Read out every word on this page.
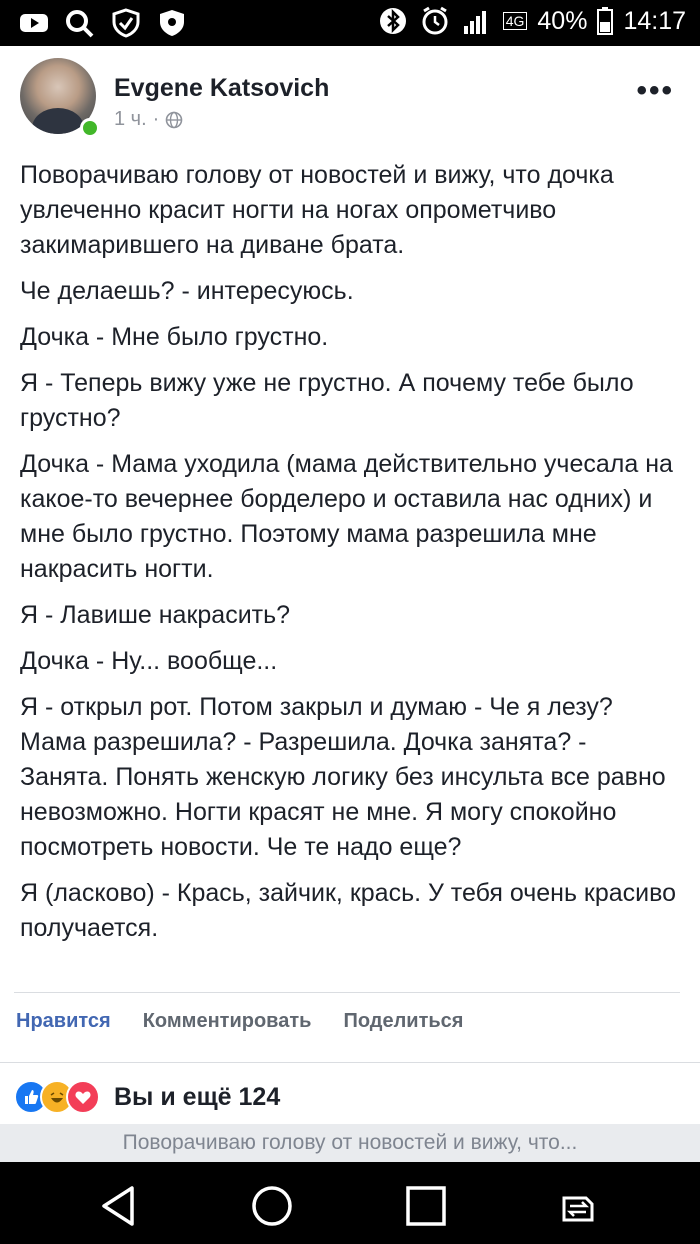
4G 40% 14:17
Evgene Katsovich
1 ч. ·
•••

Поворачиваю голову от новостей и вижу, что дочка увлеченно красит ногти на ногах опрометчиво закимарившего на диване брата.

Че делаешь? - интересуюсь.

Дочка - Мне было грустно.

Я - Теперь вижу уже не грустно. А почему тебе было грустно?

Дочка - Мама уходила (мама действительно учесала на какое-то вечернее борделеро и оставила нас одних) и мне было грустно. Поэтому мама разрешила мне накрасить ногти.

Я - Лавише накрасить?

Дочка - Ну... вообще...

Я - открыл рот. Потом закрыл и думаю - Че я лезу? Мама разрешила? - Разрешила. Дочка занята? - Занята. Понять женскую логику без инсульта все равно невозможно. Ногти красят не мне. Я могу спокойно посмотреть новости. Че те надо еще?

Я (ласково) - Крась, зайчик, крась. У тебя очень красиво получается.

Нравится Комментировать Поделиться
Вы и ещё 124
Поворачиваю голову от новостей и вижу, что...
